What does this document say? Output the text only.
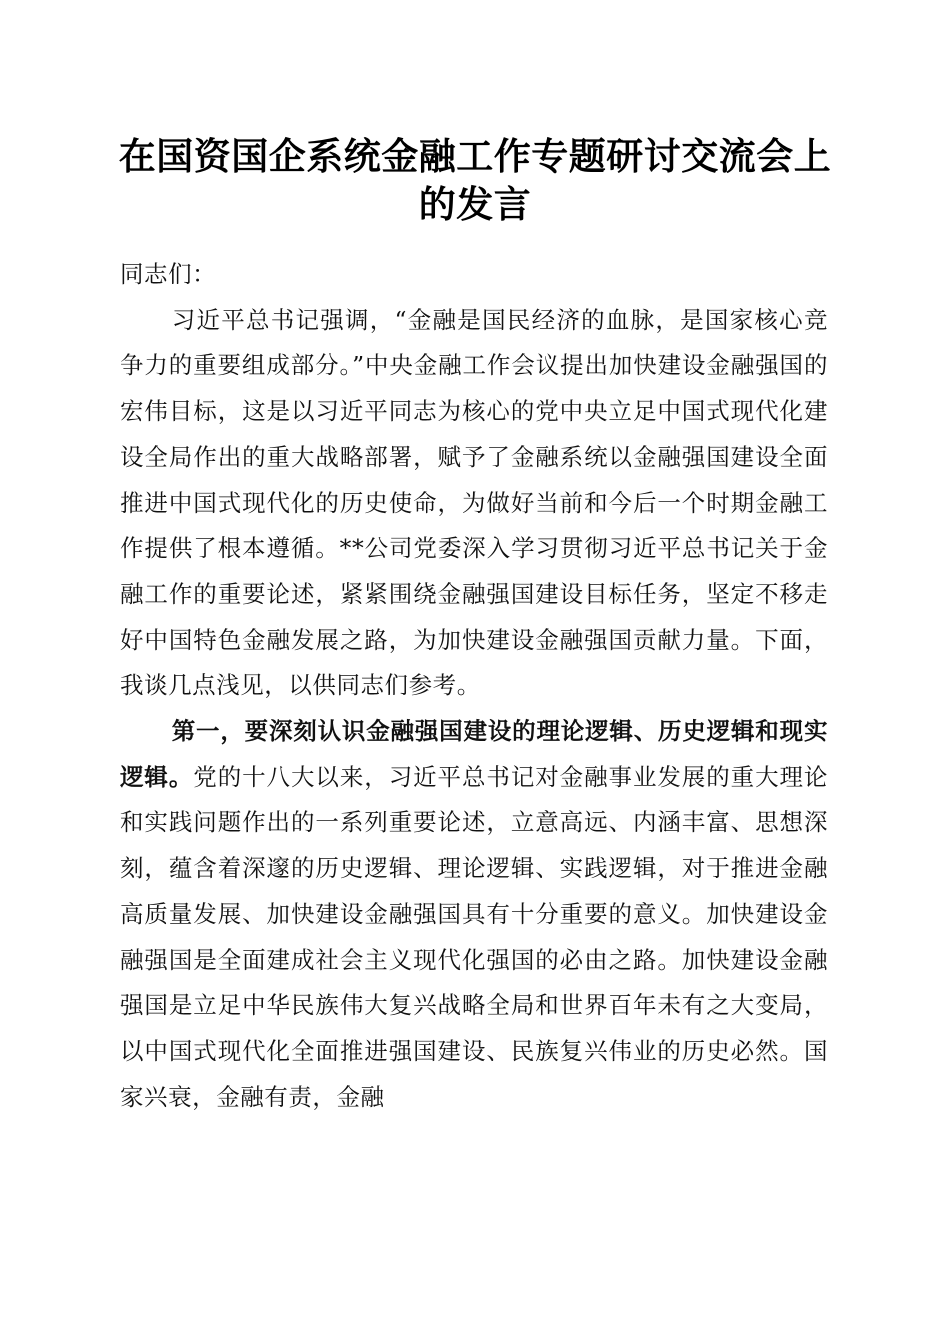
在国资国企系统金融工作专题研讨交流会上的发言

同志们：

习近平总书记强调，“金融是国民经济的血脉，是国家核心竞争力的重要组成部分。”中央金融工作会议提出加快建设金融强国的宏伟目标，这是以习近平同志为核心的党中央立足中国式现代化建设全局作出的重大战略部署，赋予了金融系统以金融强国建设全面推进中国式现代化的历史使命，为做好当前和今后一个时期金融工作提供了根本遵循。**公司党委深入学习贯彻习近平总书记关于金融工作的重要论述，紧紧围绕金融强国建设目标任务，坚定不移走好中国特色金融发展之路，为加快建设金融强国贡献力量。下面，我谈几点浅见，以供同志们参考。

第一，要深刻认识金融强国建设的理论逻辑、历史逻辑和现实逻辑。党的十八大以来，习近平总书记对金融事业发展的重大理论和实践问题作出的一系列重要论述，立意高远、内涵丰富、思想深刻，蕴含着深邃的历史逻辑、理论逻辑、实践逻辑，对于推进金融高质量发展、加快建设金融强国具有十分重要的意义。加快建设金融强国是全面建成社会主义现代化强国的必由之路。加快建设金融强国是立足中华民族伟大复兴战略全局和世界百年未有之大变局，以中国式现代化全面推进强国建设、民族复兴伟业的历史必然。国家兴衰，金融有责，金融
